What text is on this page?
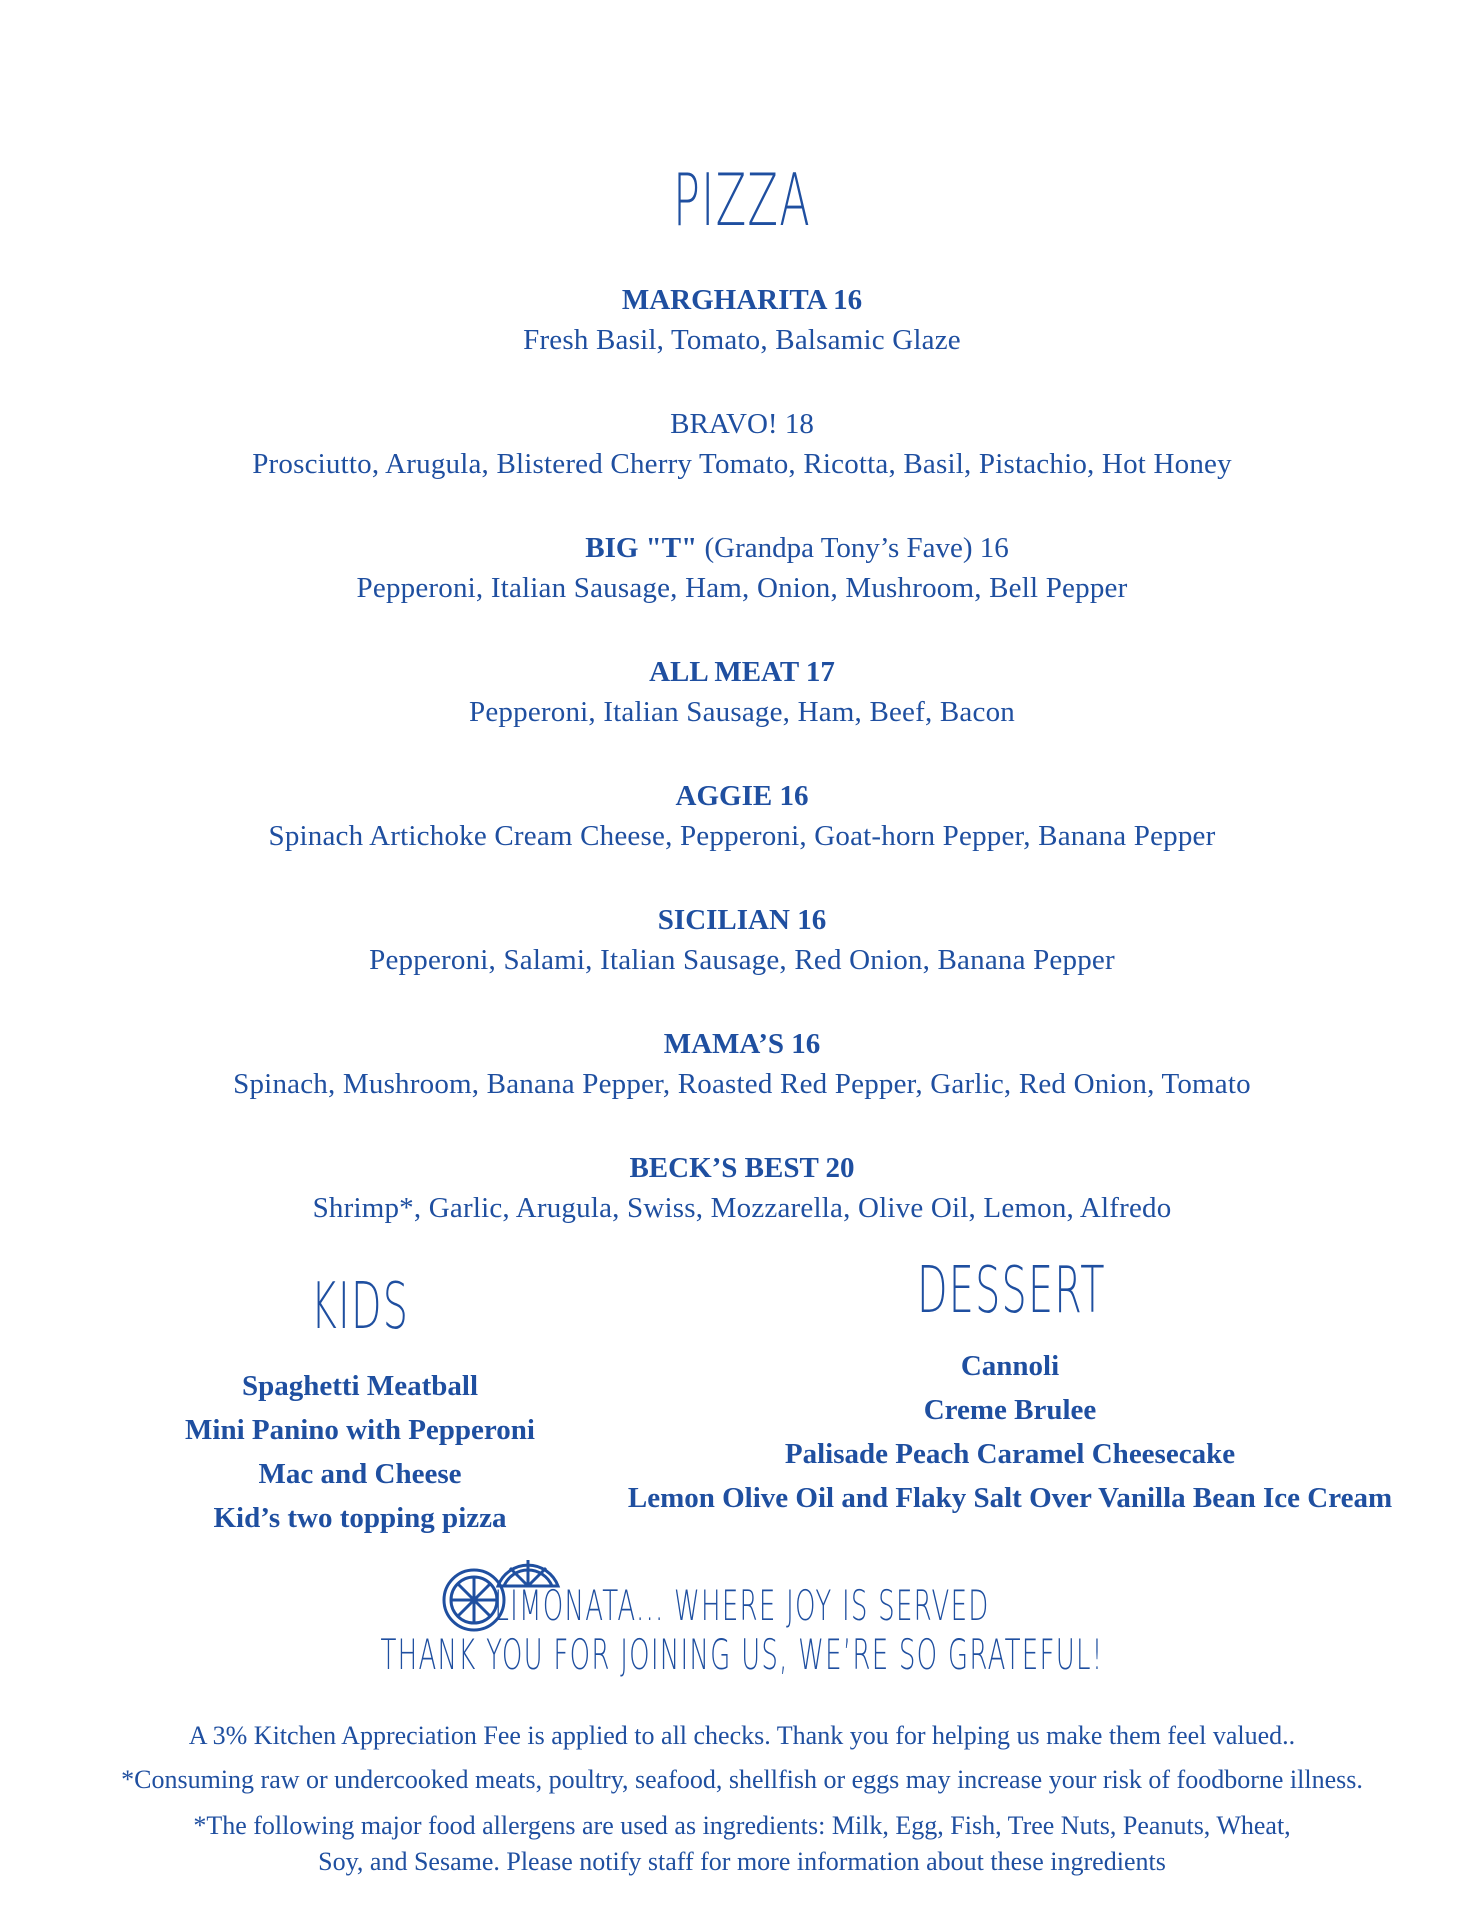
PIZZA
MARGHARITA 16
Fresh Basil, Tomato, Balsamic Glaze
BRAVO! 18
Prosciutto, Arugula, Blistered Cherry Tomato, Ricotta, Basil, Pistachio, Hot Honey
BIG "T" (Grandpa Tony’s Fave) 16
Pepperoni, Italian Sausage, Ham, Onion, Mushroom, Bell Pepper
ALL MEAT 17
Pepperoni, Italian Sausage, Ham, Beef, Bacon
AGGIE 16
Spinach Artichoke Cream Cheese, Pepperoni, Goat-horn Pepper, Banana Pepper
SICILIAN 16
Pepperoni, Salami, Italian Sausage, Red Onion, Banana Pepper
MAMA’S 16
Spinach, Mushroom, Banana Pepper, Roasted Red Pepper, Garlic, Red Onion, Tomato
BECK’S BEST 20
Shrimp*, Garlic, Arugula, Swiss, Mozzarella, Olive Oil, Lemon, Alfredo
KIDS
Spaghetti Meatball
Mini Panino with Pepperoni
Mac and Cheese
Kid’s two topping pizza
DESSERT
Cannoli
Creme Brulee
Palisade Peach Caramel Cheesecake
Lemon Olive Oil and Flaky Salt Over Vanilla Bean Ice Cream
LIMONATA... WHERE JOY IS SERVED
THANK YOU FOR JOINING US, WE’RE SO GRATEFUL!
A 3% Kitchen Appreciation Fee is applied to all checks. Thank you for helping us make them feel valued..
*Consuming raw or undercooked meats, poultry, seafood, shellfish or eggs may increase your risk of foodborne illness.
*The following major food allergens are used as ingredients: Milk, Egg, Fish, Tree Nuts, Peanuts, Wheat,
Soy, and Sesame. Please notify staff for more information about these ingredients
